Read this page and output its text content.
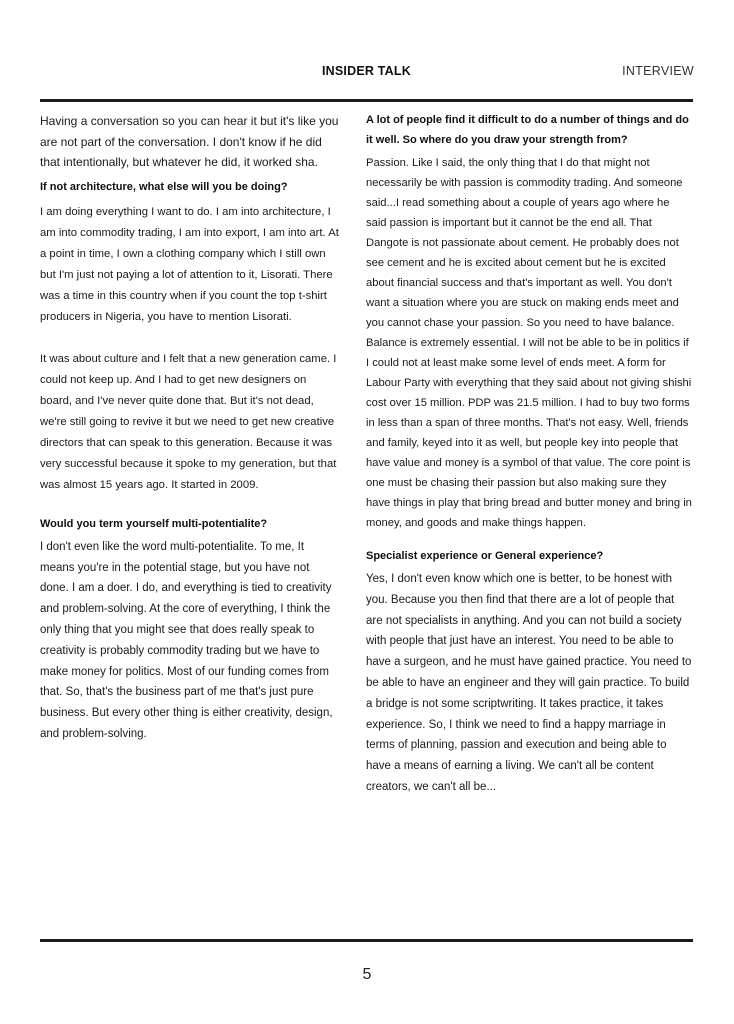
INSIDER TALK	INTERVIEW

Having a conversation so you can hear it but it's like you are not part of the conversation. I don't know if he did that intentionally, but whatever he did, it worked sha.

If not architecture, what else will you be doing?

I am doing everything I want to do. I am into architecture, I am into commodity trading, I am into export, I am into art. At a point in time, I own a clothing company which I still own but I'm just not paying a lot of attention to it, Lisorati. There was a time in this country when if you count the top t-shirt producers in Nigeria, you have to mention Lisorati.

It was about culture and I felt that a new generation came. I could not keep up. And I had to get new designers on board, and I've never quite done that. But it's not dead, we're still going to revive it but we need to get new creative directors that can speak to this generation. Because it was very successful because it spoke to my generation, but that was almost 15 years ago. It started in 2009.

Would you term yourself multi-potentialite?

I don't even like the word multi-potentialite. To me, It means you're in the potential stage, but you have not done. I am a doer. I do, and everything is tied to creativity and problem-solving. At the core of everything, I think the only thing that you might see that does really speak to creativity is probably commodity trading but we have to make money for politics. Most of our funding comes from that. So, that's the business part of me that's just pure business. But every other thing is either creativity, design, and problem-solving.

A lot of people find it difficult to do a number of things and do it well. So where do you draw your strength from?

Passion. Like I said, the only thing that I do that might not necessarily be with passion is commodity trading. And someone said...I read something about a couple of years ago where he said passion is important but it cannot be the end all. That Dangote is not passionate about cement. He probably does not see cement and he is excited about cement but he is excited about financial success and that's important as well. You don't want a situation where you are stuck on making ends meet and you cannot chase your passion. So you need to have balance. Balance is extremely essential. I will not be able to be in politics if I could not at least make some level of ends meet. A form for Labour Party with everything that they said about not giving shishi cost over 15 million. PDP was 21.5 million. I had to buy two forms in less than a span of three months. That's not easy. Well, friends and family, keyed into it as well, but people key into people that have value and money is a symbol of that value. The core point is one must be chasing their passion but also making sure they have things in play that bring bread and butter money and bring in money, and goods and make things happen.

Specialist experience or General experience?

Yes, I don't even know which one is better, to be honest with you. Because you then find that there are a lot of people that are not specialists in anything. And you can not build a society with people that just have an interest. You need to be able to have a surgeon, and he must have gained practice. You need to be able to have an engineer and they will gain practice. To build a bridge is not some scriptwriting. It takes practice, it takes experience. So, I think we need to find a happy marriage in terms of planning, passion and execution and being able to have a means of earning a living. We can't all be content creators, we can't all be...

5
